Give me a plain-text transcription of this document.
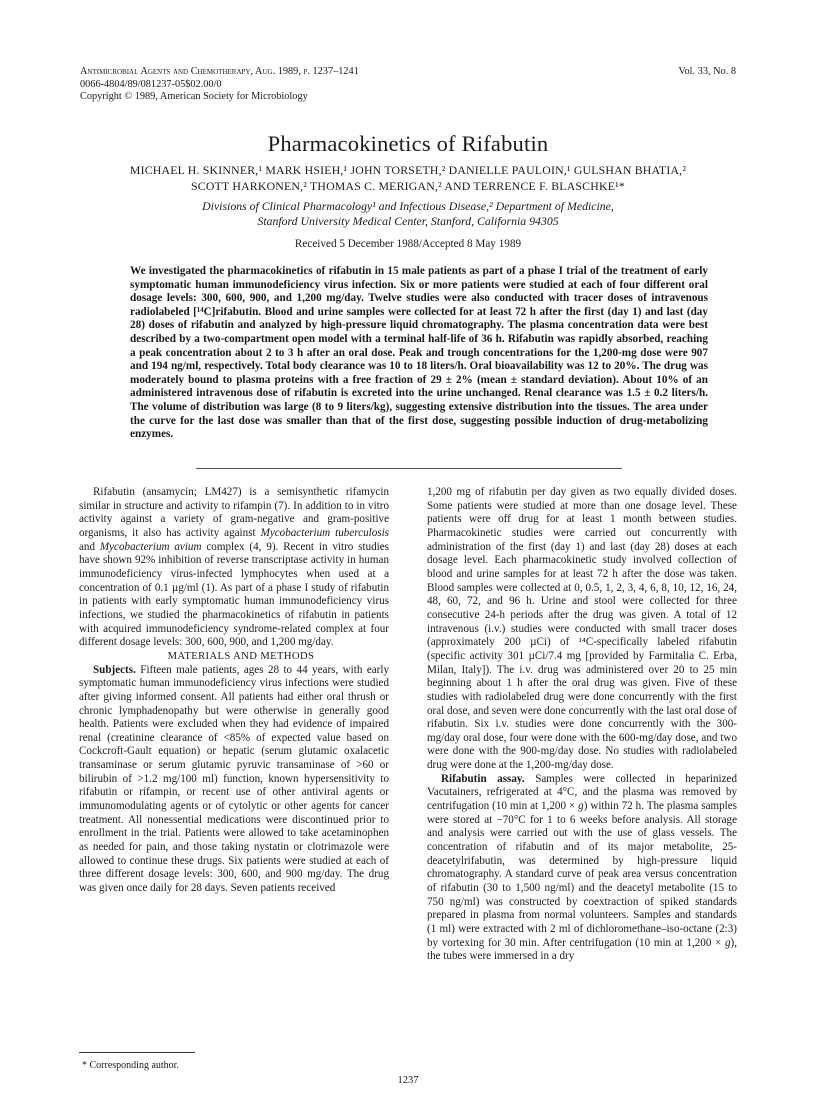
Antimicrobial Agents and Chemotherapy, Aug. 1989, p. 1237–1241	Vol. 33, No. 8
0066-4804/89/081237-05$02.00/0
Copyright © 1989, American Society for Microbiology
Pharmacokinetics of Rifabutin
MICHAEL H. SKINNER,¹ MARK HSIEH,¹ JOHN TORSETH,² DANIELLE PAULOIN,¹ GULSHAN BHATIA,²
SCOTT HARKONEN,² THOMAS C. MERIGAN,² AND TERRENCE F. BLASCHKE¹*
Divisions of Clinical Pharmacology¹ and Infectious Disease,² Department of Medicine,
Stanford University Medical Center, Stanford, California 94305
Received 5 December 1988/Accepted 8 May 1989
We investigated the pharmacokinetics of rifabutin in 15 male patients as part of a phase I trial of the treatment of early symptomatic human immunodeficiency virus infection. Six or more patients were studied at each of four different oral dosage levels: 300, 600, 900, and 1,200 mg/day. Twelve studies were also conducted with tracer doses of intravenous radiolabeled [¹⁴C]rifabutin. Blood and urine samples were collected for at least 72 h after the first (day 1) and last (day 28) doses of rifabutin and analyzed by high-pressure liquid chromatography. The plasma concentration data were best described by a two-compartment open model with a terminal half-life of 36 h. Rifabutin was rapidly absorbed, reaching a peak concentration about 2 to 3 h after an oral dose. Peak and trough concentrations for the 1,200-mg dose were 907 and 194 ng/ml, respectively. Total body clearance was 10 to 18 liters/h. Oral bioavailability was 12 to 20%. The drug was moderately bound to plasma proteins with a free fraction of 29 ± 2% (mean ± standard deviation). About 10% of an administered intravenous dose of rifabutin is excreted into the urine unchanged. Renal clearance was 1.5 ± 0.2 liters/h. The volume of distribution was large (8 to 9 liters/kg), suggesting extensive distribution into the tissues. The area under the curve for the last dose was smaller than that of the first dose, suggesting possible induction of drug-metabolizing enzymes.

Rifabutin (ansamycin; LM427) is a semisynthetic rifamycin similar in structure and activity to rifampin (7). In addition to in vitro activity against a variety of gram-negative and gram-positive organisms, it also has activity against Mycobacterium tuberculosis and Mycobacterium avium complex (4, 9). Recent in vitro studies have shown 92% inhibition of reverse transcriptase activity in human immunodeficiency virus-infected lymphocytes when used at a concentration of 0.1 µg/ml (1). As part of a phase I study of rifabutin in patients with early symptomatic human immunodeficiency virus infections, we studied the pharmacokinetics of rifabutin in patients with acquired immunodeficiency syndrome-related complex at four different dosage levels: 300, 600, 900, and 1,200 mg/day.

MATERIALS AND METHODS

Subjects. Fifteen male patients, ages 28 to 44 years, with early symptomatic human immunodeficiency virus infections were studied after giving informed consent. All patients had either oral thrush or chronic lymphadenopathy but were otherwise in generally good health. Patients were excluded when they had evidence of impaired renal (creatinine clearance of <85% of expected value based on Cockcroft-Gault equation) or hepatic (serum glutamic oxalacetic transaminase or serum glutamic pyruvic transaminase of >60 or bilirubin of >1.2 mg/100 ml) function, known hypersensitivity to rifabutin or rifampin, or recent use of other antiviral agents or immunomodulating agents or of cytolytic or other agents for cancer treatment. All nonessential medications were discontinued prior to enrollment in the trial. Patients were allowed to take acetaminophen as needed for pain, and those taking nystatin or clotrimazole were allowed to continue these drugs. Six patients were studied at each of three different dosage levels: 300, 600, and 900 mg/day. The drug was given once daily for 28 days. Seven patients received

1,200 mg of rifabutin per day given as two equally divided doses. Some patients were studied at more than one dosage level. These patients were off drug for at least 1 month between studies. Pharmacokinetic studies were carried out concurrently with administration of the first (day 1) and last (day 28) doses at each dosage level. Each pharmacokinetic study involved collection of blood and urine samples for at least 72 h after the dose was taken. Blood samples were collected at 0, 0.5, 1, 2, 3, 4, 6, 8, 10, 12, 16, 24, 48, 60, 72, and 96 h. Urine and stool were collected for three consecutive 24-h periods after the drug was given. A total of 12 intravenous (i.v.) studies were conducted with small tracer doses (approximately 200 µCi) of ¹⁴C-specifically labeled rifabutin (specific activity 301 µCi/7.4 mg [provided by Farmitalia C. Erba, Milan, Italy]). The i.v. drug was administered over 20 to 25 min beginning about 1 h after the oral drug was given. Five of these studies with radiolabeled drug were done concurrently with the first oral dose, and seven were done concurrently with the last oral dose of rifabutin. Six i.v. studies were done concurrently with the 300-mg/day oral dose, four were done with the 600-mg/day dose, and two were done with the 900-mg/day dose. No studies with radiolabeled drug were done at the 1,200-mg/day dose.

Rifabutin assay. Samples were collected in heparinized Vacutainers, refrigerated at 4°C, and the plasma was removed by centrifugation (10 min at 1,200 × g) within 72 h. The plasma samples were stored at −70°C for 1 to 6 weeks before analysis. All storage and analysis were carried out with the use of glass vessels. The concentration of rifabutin and of its major metabolite, 25-deacetylrifabutin, was determined by high-pressure liquid chromatography. A standard curve of peak area versus concentration of rifabutin (30 to 1,500 ng/ml) and the deacetyl metabolite (15 to 750 ng/ml) was constructed by coextraction of spiked standards prepared in plasma from normal volunteers. Samples and standards (1 ml) were extracted with 2 ml of dichloromethane–iso-octane (2:3) by vortexing for 30 min. After centrifugation (10 min at 1,200 × g), the tubes were immersed in a dry

* Corresponding author.
1237
